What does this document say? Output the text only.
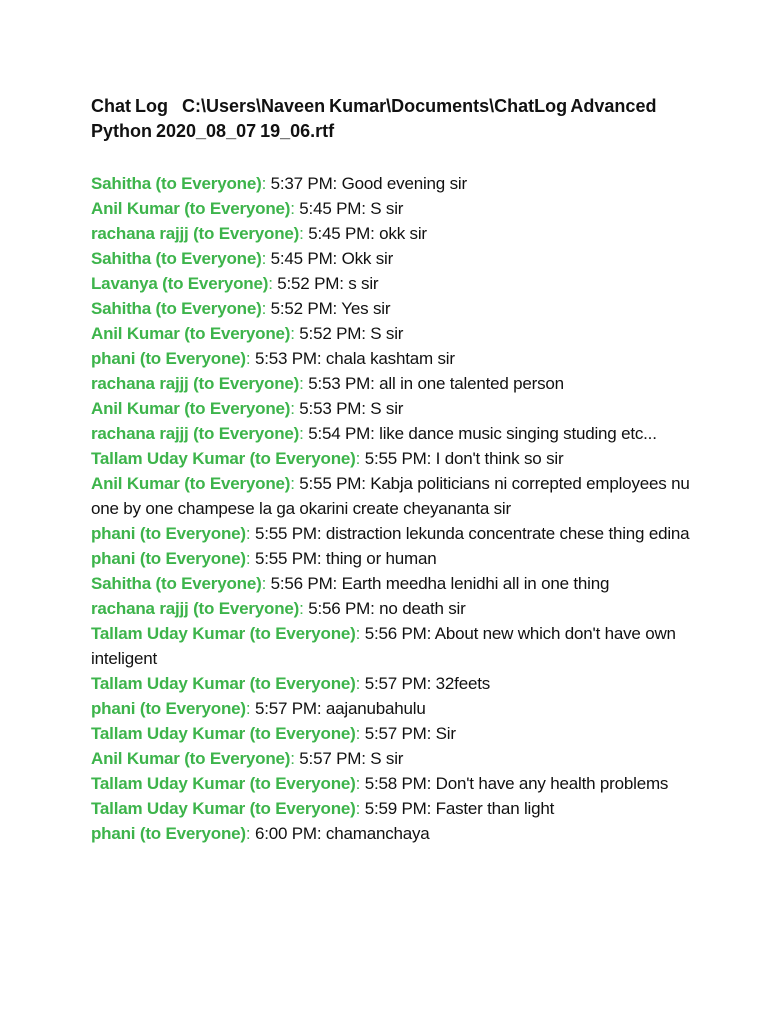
Chat Log C:\Users\Naveen Kumar\Documents\ChatLog Advanced Python 2020_08_07 19_06.rtf
Sahitha (to Everyone): 5:37 PM: Good evening sir
Anil Kumar (to Everyone): 5:45 PM: S sir
rachana rajjj (to Everyone): 5:45 PM: okk sir
Sahitha (to Everyone): 5:45 PM: Okk sir
Lavanya (to Everyone): 5:52 PM: s sir
Sahitha (to Everyone): 5:52 PM: Yes sir
Anil Kumar (to Everyone): 5:52 PM: S sir
phani (to Everyone): 5:53 PM: chala kashtam sir
rachana rajjj (to Everyone): 5:53 PM: all in one talented person
Anil Kumar (to Everyone): 5:53 PM: S sir
rachana rajjj (to Everyone): 5:54 PM: like dance music singing studing etc...
Tallam Uday Kumar (to Everyone): 5:55 PM: I don't think so sir
Anil Kumar (to Everyone): 5:55 PM: Kabja politicians ni correpted employees nu one by one champese la ga okarini create cheyananta sir
phani (to Everyone): 5:55 PM: distraction lekunda concentrate chese thing edina
phani (to Everyone): 5:55 PM: thing or human
Sahitha (to Everyone): 5:56 PM: Earth meedha lenidhi all in one thing
rachana rajjj (to Everyone): 5:56 PM: no death sir
Tallam Uday Kumar (to Everyone): 5:56 PM: About new which don't have own inteligent
Tallam Uday Kumar (to Everyone): 5:57 PM: 32feets
phani (to Everyone): 5:57 PM: aajanubahulu
Tallam Uday Kumar (to Everyone): 5:57 PM: Sir
Anil Kumar (to Everyone): 5:57 PM: S sir
Tallam Uday Kumar (to Everyone): 5:58 PM: Don't have any health problems
Tallam Uday Kumar (to Everyone): 5:59 PM: Faster than light
phani (to Everyone): 6:00 PM: chamanchaya
